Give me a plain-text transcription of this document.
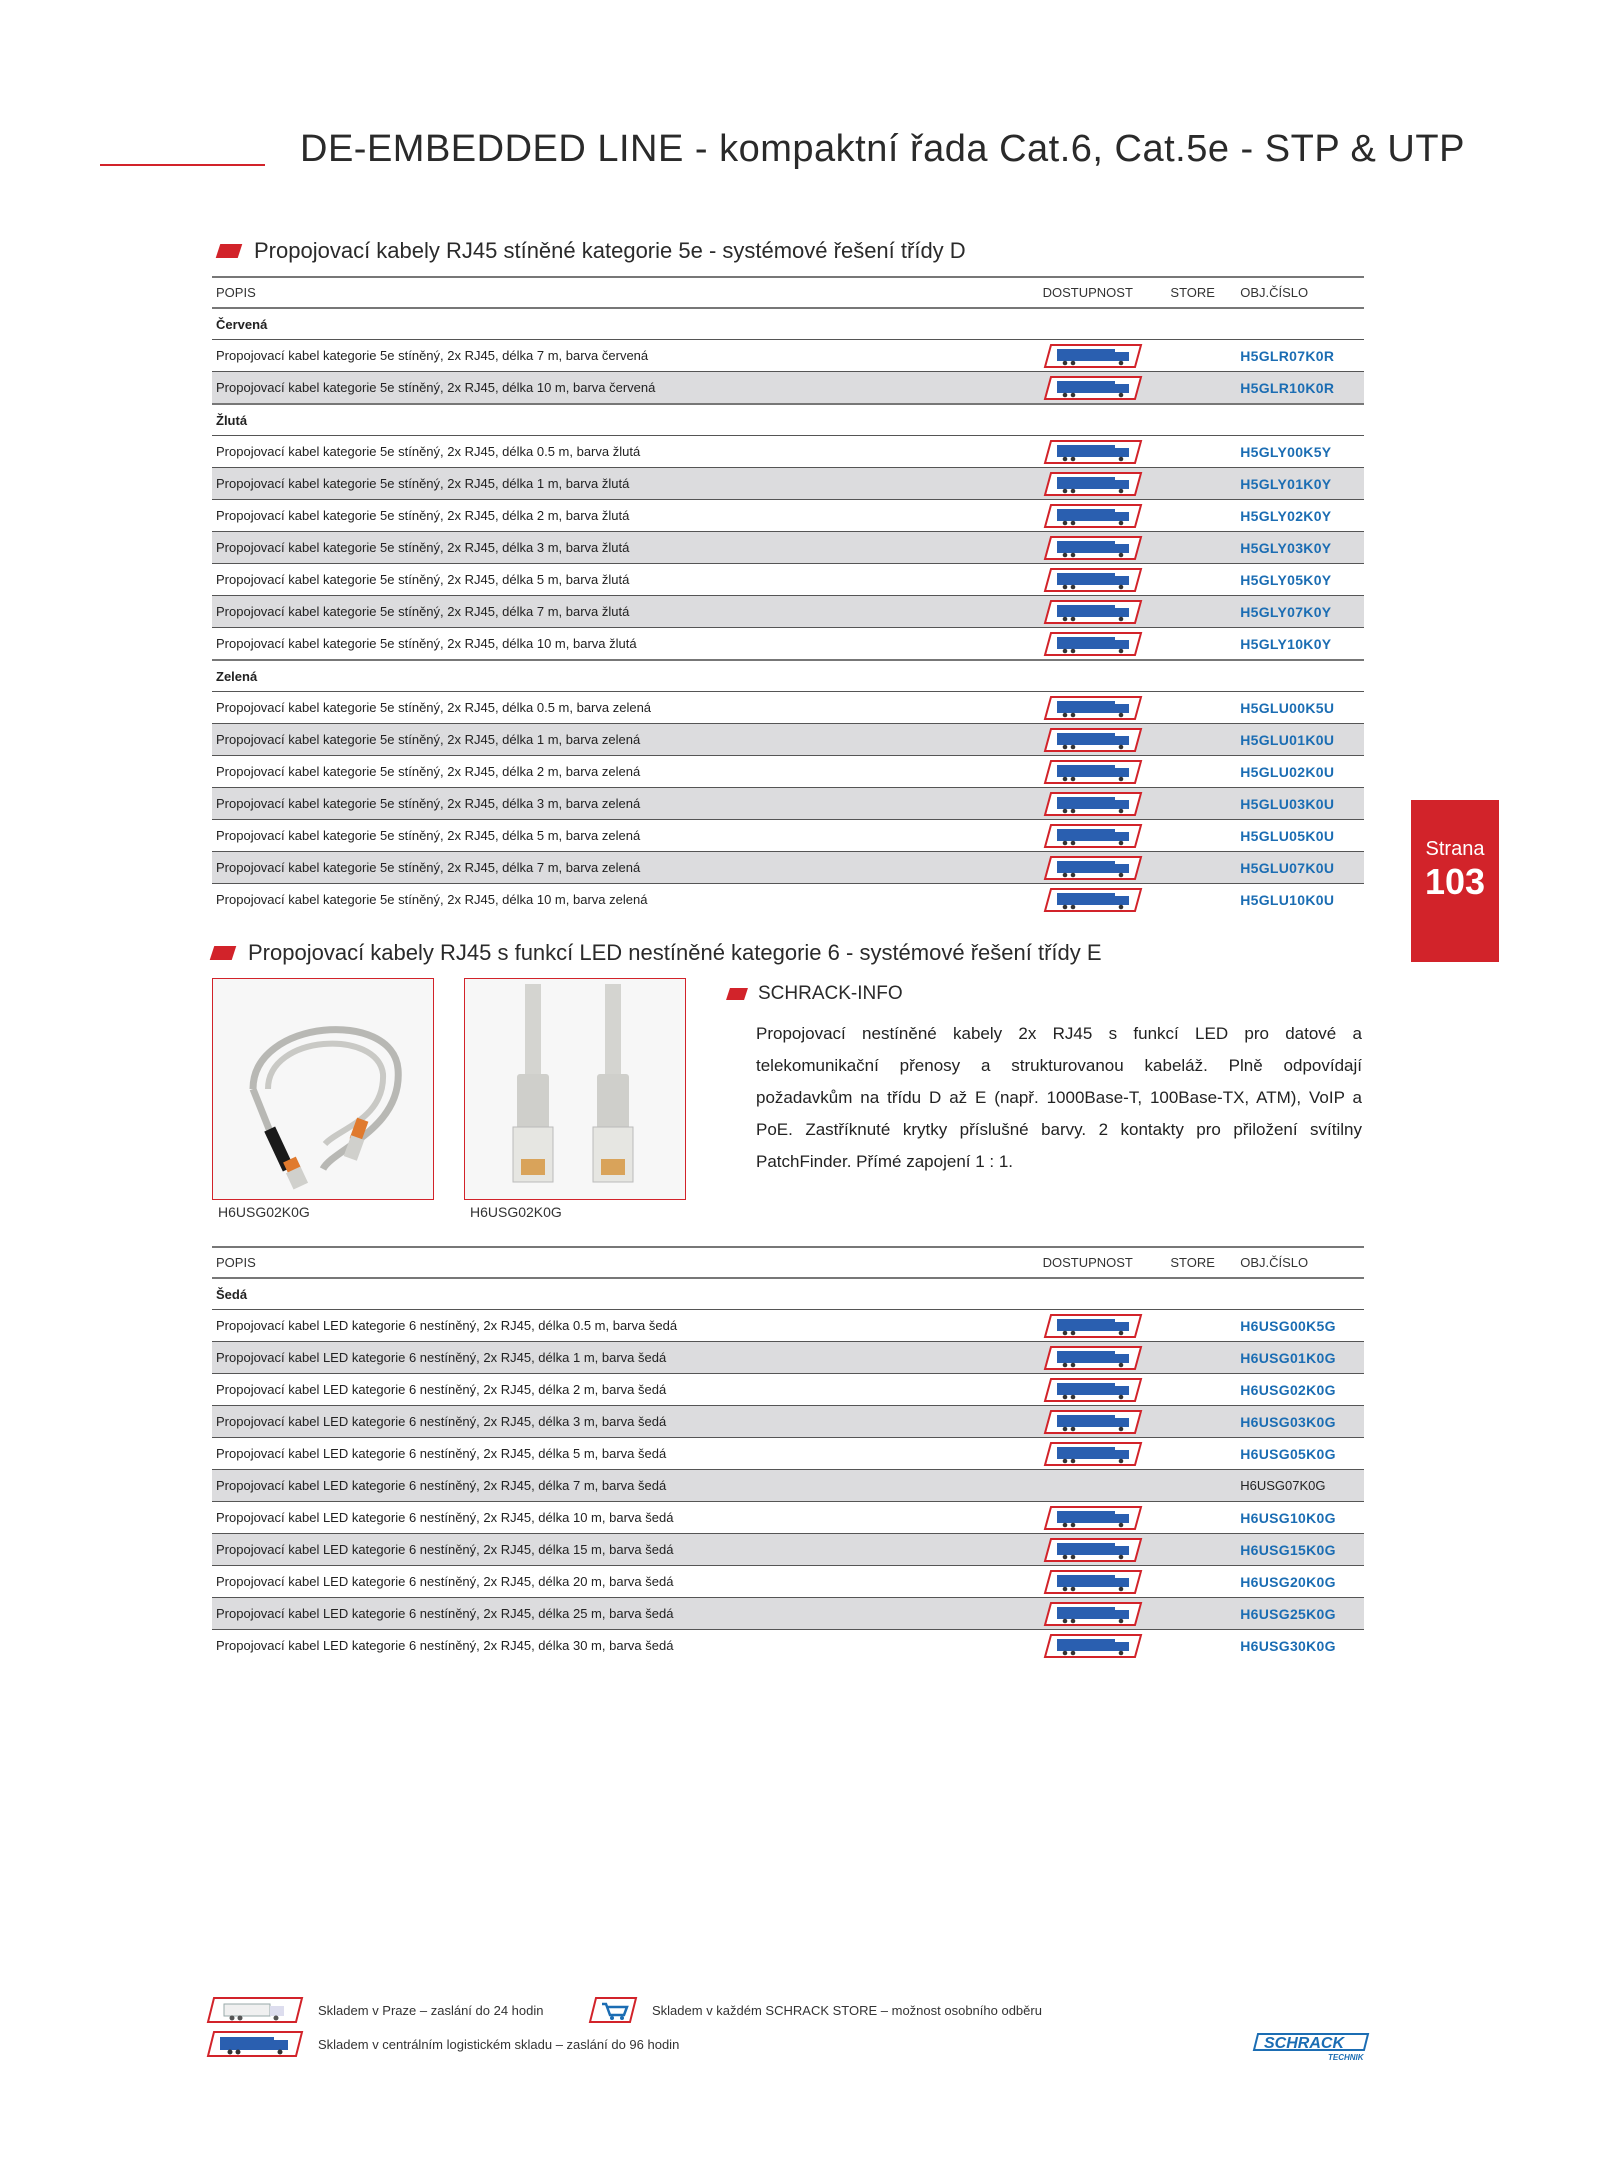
DE-EMBEDDED LINE - kompaktní řada Cat.6, Cat.5e - STP & UTP
Propojovací kabely RJ45 stíněné kategorie 5e - systémové řešení třídy D
POPIS	DOSTUPNOST	STORE	OBJ.ČÍSLO
Červená			
Propojovací kabel kategorie 5e stíněný, 2x RJ45, délka 7 m, barva červená			H5GLR07K0R
Propojovací kabel kategorie 5e stíněný, 2x RJ45, délka 10 m, barva červená			H5GLR10K0R
Žlutá			
Propojovací kabel kategorie 5e stíněný, 2x RJ45, délka 0.5 m, barva žlutá			H5GLY00K5Y
Propojovací kabel kategorie 5e stíněný, 2x RJ45, délka 1 m, barva žlutá			H5GLY01K0Y
Propojovací kabel kategorie 5e stíněný, 2x RJ45, délka 2 m, barva žlutá			H5GLY02K0Y
Propojovací kabel kategorie 5e stíněný, 2x RJ45, délka 3 m, barva žlutá			H5GLY03K0Y
Propojovací kabel kategorie 5e stíněný, 2x RJ45, délka 5 m, barva žlutá			H5GLY05K0Y
Propojovací kabel kategorie 5e stíněný, 2x RJ45, délka 7 m, barva žlutá			H5GLY07K0Y
Propojovací kabel kategorie 5e stíněný, 2x RJ45, délka 10 m, barva žlutá			H5GLY10K0Y
Zelená			
Propojovací kabel kategorie 5e stíněný, 2x RJ45, délka 0.5 m, barva zelená			H5GLU00K5U
Propojovací kabel kategorie 5e stíněný, 2x RJ45, délka 1 m, barva zelená			H5GLU01K0U
Propojovací kabel kategorie 5e stíněný, 2x RJ45, délka 2 m, barva zelená			H5GLU02K0U
Propojovací kabel kategorie 5e stíněný, 2x RJ45, délka 3 m, barva zelená			H5GLU03K0U
Propojovací kabel kategorie 5e stíněný, 2x RJ45, délka 5 m, barva zelená			H5GLU05K0U
Propojovací kabel kategorie 5e stíněný, 2x RJ45, délka 7 m, barva zelená			H5GLU07K0U
Propojovací kabel kategorie 5e stíněný, 2x RJ45, délka 10 m, barva zelená			H5GLU10K0U
Strana
103
Propojovací kabely RJ45 s funkcí LED nestíněné kategorie 6 - systémové řešení třídy E
H6USG02K0G	H6USG02K0G
SCHRACK-INFO
Propojovací nestíněné kabely 2x RJ45 s funkcí LED pro datové a telekomunikační přenosy a strukturovanou kabeláž. Plně odpovídají požadavkům na třídu D až E (např. 1000Base-T, 100Base-TX, ATM), VoIP a PoE. Zastříknuté krytky příslušné barvy. 2 kontakty pro přiložení svítilny PatchFinder. Přímé zapojení 1 : 1.
POPIS	DOSTUPNOST	STORE	OBJ.ČÍSLO
Šedá			
Propojovací kabel LED kategorie 6 nestíněný, 2x RJ45, délka 0.5 m, barva šedá			H6USG00K5G
Propojovací kabel LED kategorie 6 nestíněný, 2x RJ45, délka 1 m, barva šedá			H6USG01K0G
Propojovací kabel LED kategorie 6 nestíněný, 2x RJ45, délka 2 m, barva šedá			H6USG02K0G
Propojovací kabel LED kategorie 6 nestíněný, 2x RJ45, délka 3 m, barva šedá			H6USG03K0G
Propojovací kabel LED kategorie 6 nestíněný, 2x RJ45, délka 5 m, barva šedá			H6USG05K0G
Propojovací kabel LED kategorie 6 nestíněný, 2x RJ45, délka 7 m, barva šedá			H6USG07K0G
Propojovací kabel LED kategorie 6 nestíněný, 2x RJ45, délka 10 m, barva šedá			H6USG10K0G
Propojovací kabel LED kategorie 6 nestíněný, 2x RJ45, délka 15 m, barva šedá			H6USG15K0G
Propojovací kabel LED kategorie 6 nestíněný, 2x RJ45, délka 20 m, barva šedá			H6USG20K0G
Propojovací kabel LED kategorie 6 nestíněný, 2x RJ45, délka 25 m, barva šedá			H6USG25K0G
Propojovací kabel LED kategorie 6 nestíněný, 2x RJ45, délka 30 m, barva šedá			H6USG30K0G
Skladem v Praze – zaslání do 24 hodin	Skladem v každém SCHRACK STORE – možnost osobního odběru
Skladem v centrálním logistickém skladu – zaslání do 96 hodin	SCHRACK
TECHNIK
